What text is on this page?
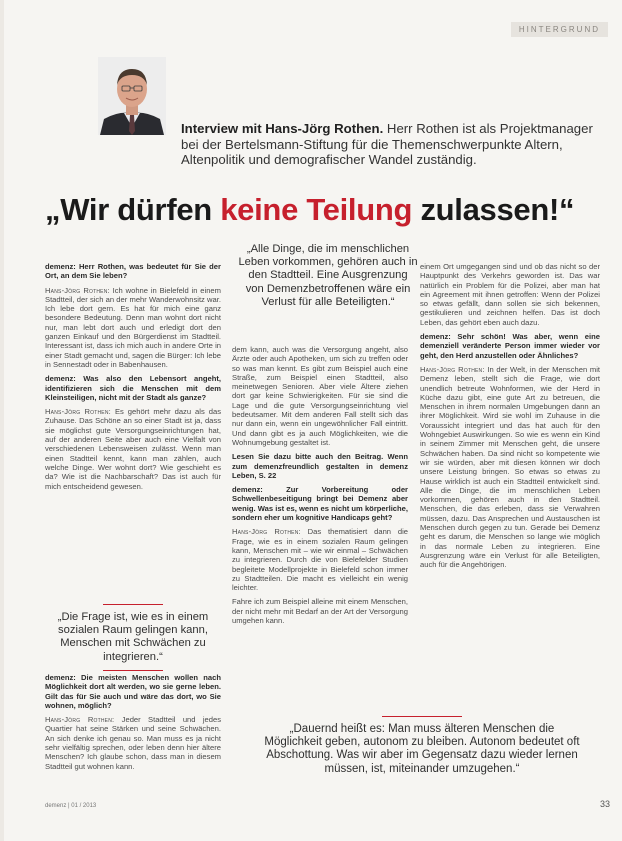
HINTERGRUND
Interview mit Hans-Jörg Rothen. Herr Rothen ist als Projektmanager bei der Bertelsmann-Stiftung für die Themenschwerpunkte Altern, Altenpolitik und demografischer Wandel zuständig.
„Wir dürfen keine Teilung zulassen!“
„Alle Dinge, die im menschlichen Leben vorkommen, gehören auch in den Stadtteil. Eine Ausgrenzung von Demenzbetroffenen wäre ein Verlust für alle Beteiligten.“

demenz: Herr Rothen, was bedeutet für Sie der Ort, an dem Sie leben?

Hans-Jörg Rothen: Ich wohne in Bielefeld in einem Stadtteil, der sich an der mehr Wanderwohnsitz war. Ich lebe dort gern. Es hat für mich eine ganz besondere Bedeutung. Denn man wohnt dort nicht nur, man lebt dort auch und erledigt dort den ganzen Einkauf und den Bürgerdienst im Stadtteil. Interessant ist, dass ich mich auch in andere Orte in einer Stadt gemacht und, sagen die Bürger: Ich lebe in Sennestadt oder in Babenhausen.

demenz: Was also den Lebensort angeht, identifizieren sich die Menschen mit dem Kleinsteiligen, nicht mit der Stadt als ganze?

Hans-Jörg Rothen: Es gehört mehr dazu als das Zuhause. Das Schöne an so einer Stadt ist ja, dass sie möglichst gute Versorgungseinrichtungen hat, auf der anderen Seite aber auch eine Vielfalt von verschiedenen Lebensweisen zulässt. Wenn man einen Stadtteil kennt, kann man zählen, auch welche Dinge. Wer wohnt dort? Wie geschieht es da? Wie ist die Nachbarschaft? Das ist auch für mich entscheidend gewesen.

„Die Frage ist, wie es in einem sozialen Raum gelingen kann, Menschen mit Schwächen zu integrieren.“

demenz: Die meisten Menschen wollen nach Möglichkeit dort alt werden, wo sie gerne leben. Gilt das für Sie auch und wäre das dort, wo Sie wohnen, möglich?

Hans-Jörg Rothen: Jeder Stadtteil und jedes Quartier hat seine Stärken und seine Schwächen. An sich denke ich genau so. Man muss es ja nicht sehr vielfältig sprechen, oder leben denn hier ältere Menschen? Ich glaube schon, dass man in diesem Stadtteil gut wohnen kann.

dem kann, auch was die Versorgung angeht, also Ärzte oder auch Apotheken, um sich zu treffen oder so was man kennt. Es gibt zum Beispiel auch eine Straße, zum Beispiel einen Stadtteil, also meinetwegen Senioren. Aber viele Ältere ziehen dort gar keine Schwierigkeiten. Für sie sind die Lage und die gute Versorgungseinrichtung viel bedeutsamer. Mit dem anderen Fall stellt sich das nur dann ein, wenn ein ungewöhnlicher Fall eintritt. Und dann gibt es ja auch Möglichkeiten, wie die Wohnumgebung gestaltet ist.

Lesen Sie dazu bitte auch den Beitrag. Wenn zum demenzfreundlich gestalten in demenz Leben, S. 22

demenz: Zur Vorbereitung oder Schwellenbeseitigung bringt bei Demenz aber wenig. Was ist es, wenn es nicht um körperliche, sondern eher um kognitive Handicaps geht?

Hans-Jörg Rothen: Das thematisiert dann die Frage, wie es in einem sozialen Raum gelingen kann, Menschen mit – wie wir einmal – Schwächen zu integrieren. Durch die von Bielefelder Studien begleitete Modellprojekte in Bielefeld schon immer zu Stadtteilen. Die macht es vielleicht ein wenig leichter.

Fahre ich zum Beispiel alleine mit einem Menschen, der nicht mehr mit Bedarf an der Art der Versorgung umgehen kann.

einem Ort umgegangen sind und ob das nicht so der Hauptpunkt des Verkehrs geworden ist. Das war natürlich ein Problem für die Polizei, aber man hat ein Agreement mit ihnen getroffen: Wenn der Polizei so etwas gefällt, dann sollen sie sich bekennen, gestikulieren und zeichnen helfen. Das ist doch Leben, das gehört eben auch dazu.

demenz: Sehr schön! Was aber, wenn eine demenziell veränderte Person immer wieder vor geht, den Herd anzustellen oder Ähnliches?

Hans-Jörg Rothen: In der Welt, in der Menschen mit Demenz leben, stellt sich die Frage, wie dort unendlich betreute Wohnformen, wie der Herd in Küche dazu gibt, eine gute Art zu betreuen, die Menschen in ihrem normalen Umgebungen dann an ihrer Möglichkeit. Wird sie wohl im Zuhause in die Voraussicht integriert und das hat auch für den Wohngebiet Auswirkungen. So wie es wenn ein Kind in seinem Zimmer mit Menschen geht, die unsere Schwächen haben. Da sind nicht so kompetente wie wir sie würden, aber mit diesen können wir doch unsere Leistung bringen. So etwas so etwas zu Hause wirklich ist auch ein Stadtteil entwickelt sind. Alle die Dinge, die im menschlichen Leben vorkommen, gehören auch in den Stadtteil. Menschen, die das erleben, dass sie Verwahren müssen, dazu. Das Ansprechen und Austauschen ist Menschen durch gegen zu tun. Gerade bei Demenz geht es darum, die Menschen so lange wie möglich in das normale Leben zu integrieren. Eine Ausgrenzung wäre ein Verlust für alle Beteiligten, auch für die Angehörigen.

„Dauernd heißt es: Man muss älteren Menschen die Möglichkeit geben, autonom zu bleiben. Autonom bedeutet oft Abschottung. Was wir aber im Gegensatz dazu wieder lernen müssen, ist, miteinander umzugehen.“
demenz | 01 / 2013	33
